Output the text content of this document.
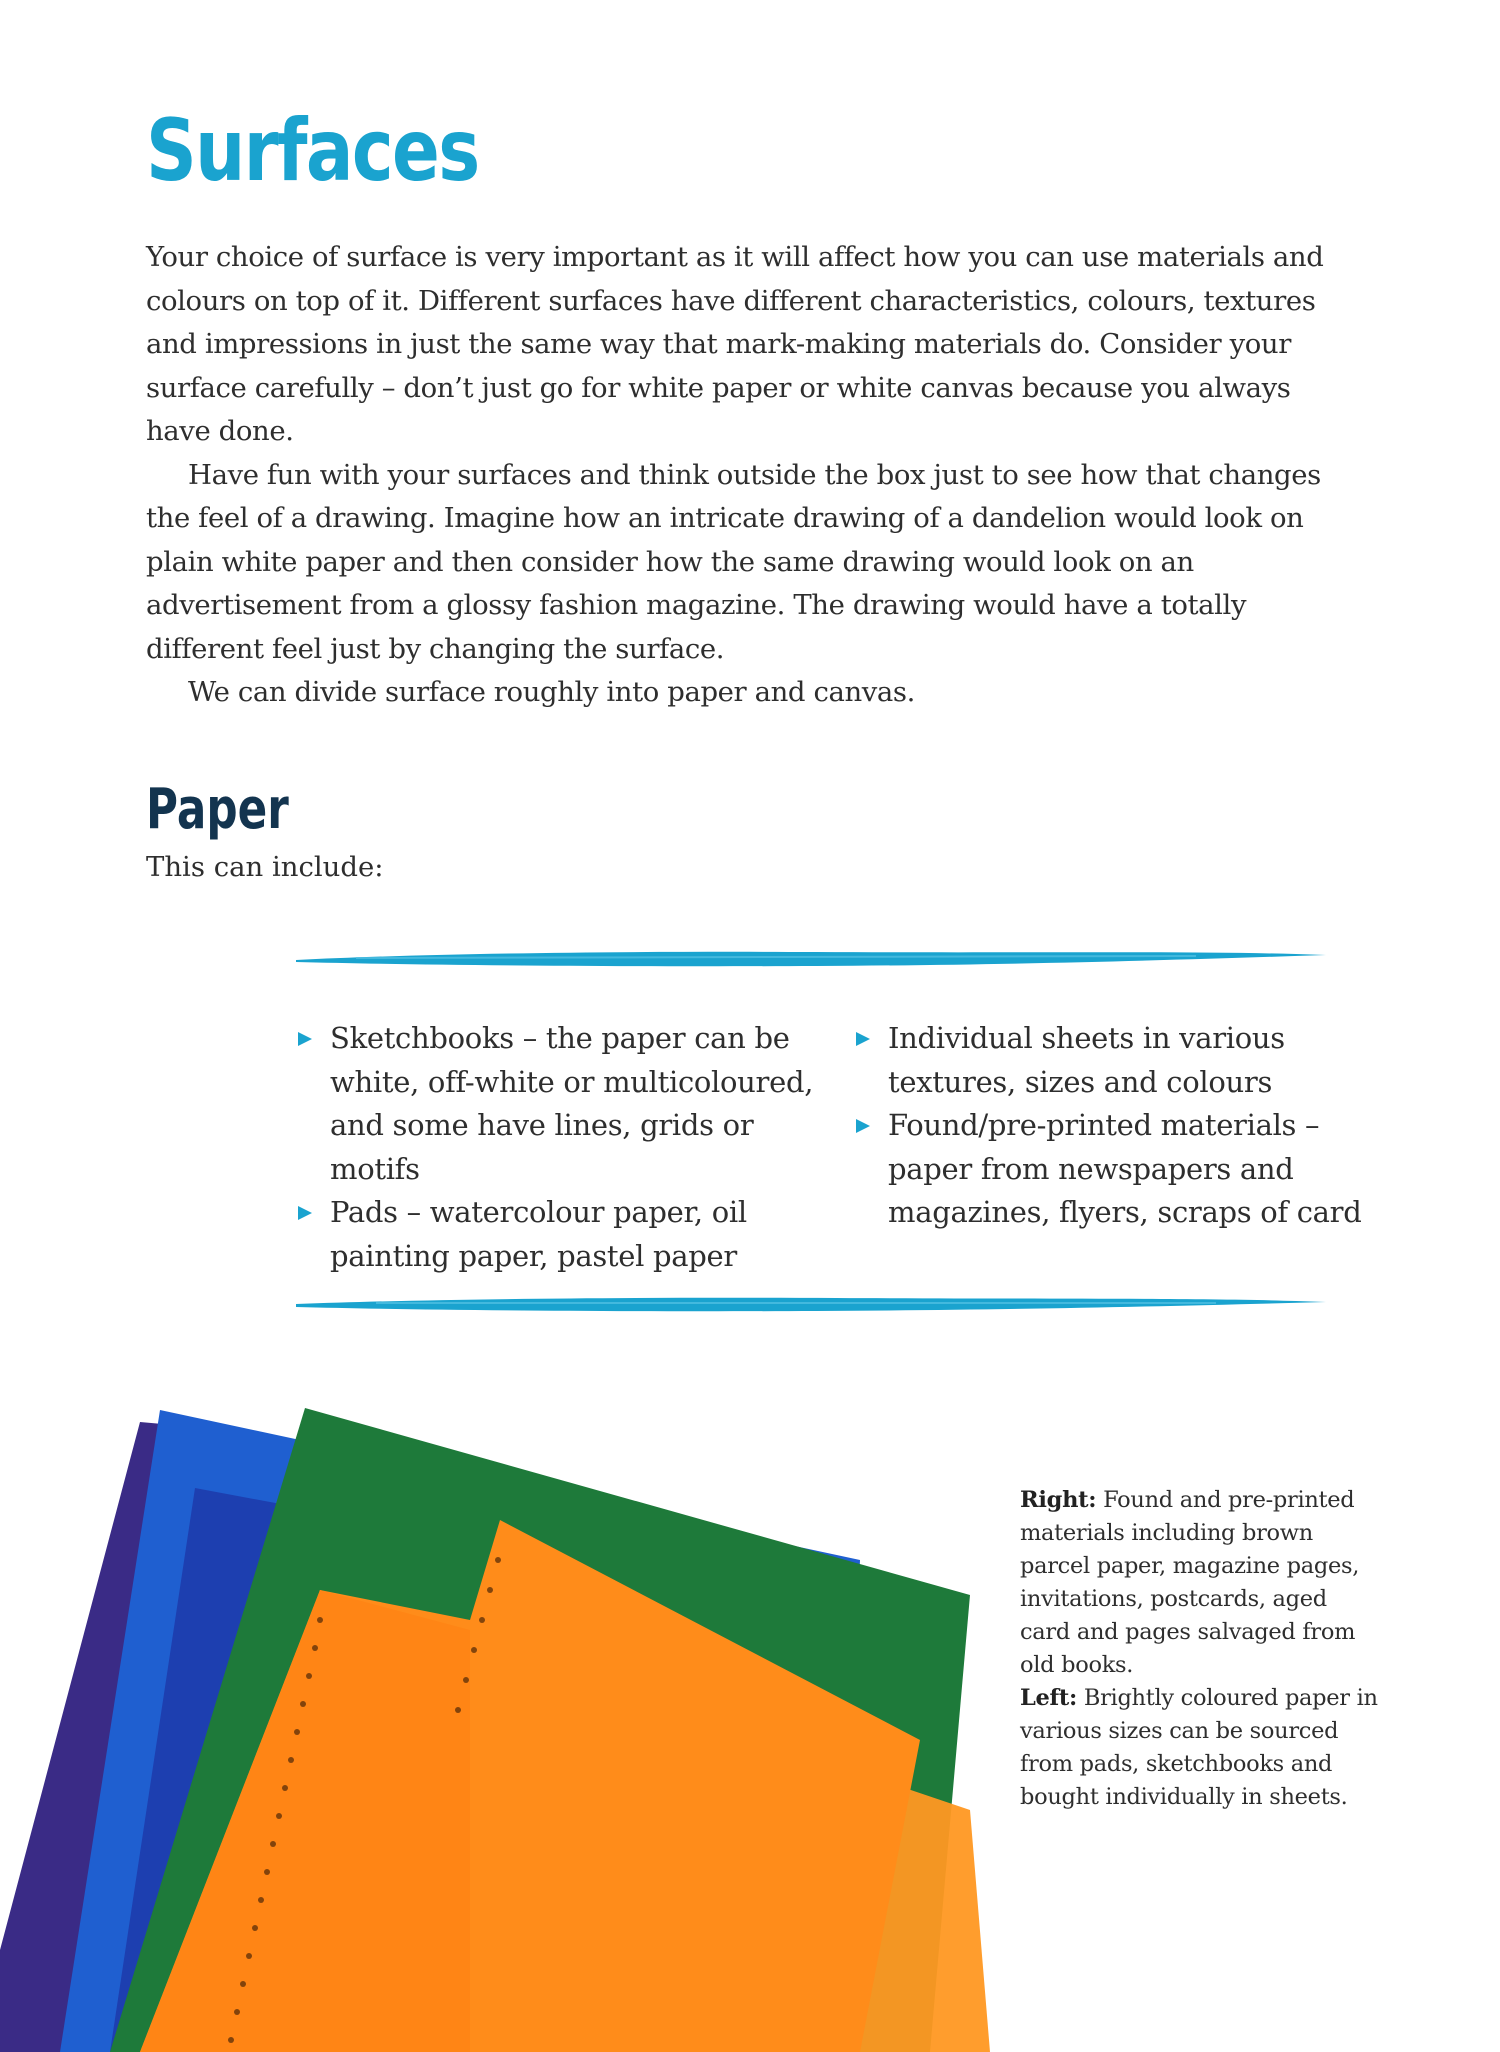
Surfaces

Your choice of surface is very important as it will affect how you can use materials and colours on top of it. Different surfaces have different characteristics, colours, textures and impressions in just the same way that mark-making materials do. Consider your surface carefully – don’t just go for white paper or white canvas because you always have done.

Have fun with your surfaces and think outside the box just to see how that changes the feel of a drawing. Imagine how an intricate drawing of a dandelion would look on plain white paper and then consider how the same drawing would look on an advertisement from a glossy fashion magazine. The drawing would have a totally different feel just by changing the surface.

We can divide surface roughly into paper and canvas.

Paper

This can include:

Sketchbooks – the paper can be white, off-white or multicoloured, and some have lines, grids or motifs
Pads – watercolour paper, oil painting paper, pastel paper
Individual sheets in various textures, sizes and colours
Found/pre-printed materials – paper from newspapers and magazines, flyers, scraps of card

Right: Found and pre-printed materials including brown parcel paper, magazine pages, invitations, postcards, aged card and pages salvaged from old books.

Left: Brightly coloured paper in various sizes can be sourced from pads, sketchbooks and bought individually in sheets.
